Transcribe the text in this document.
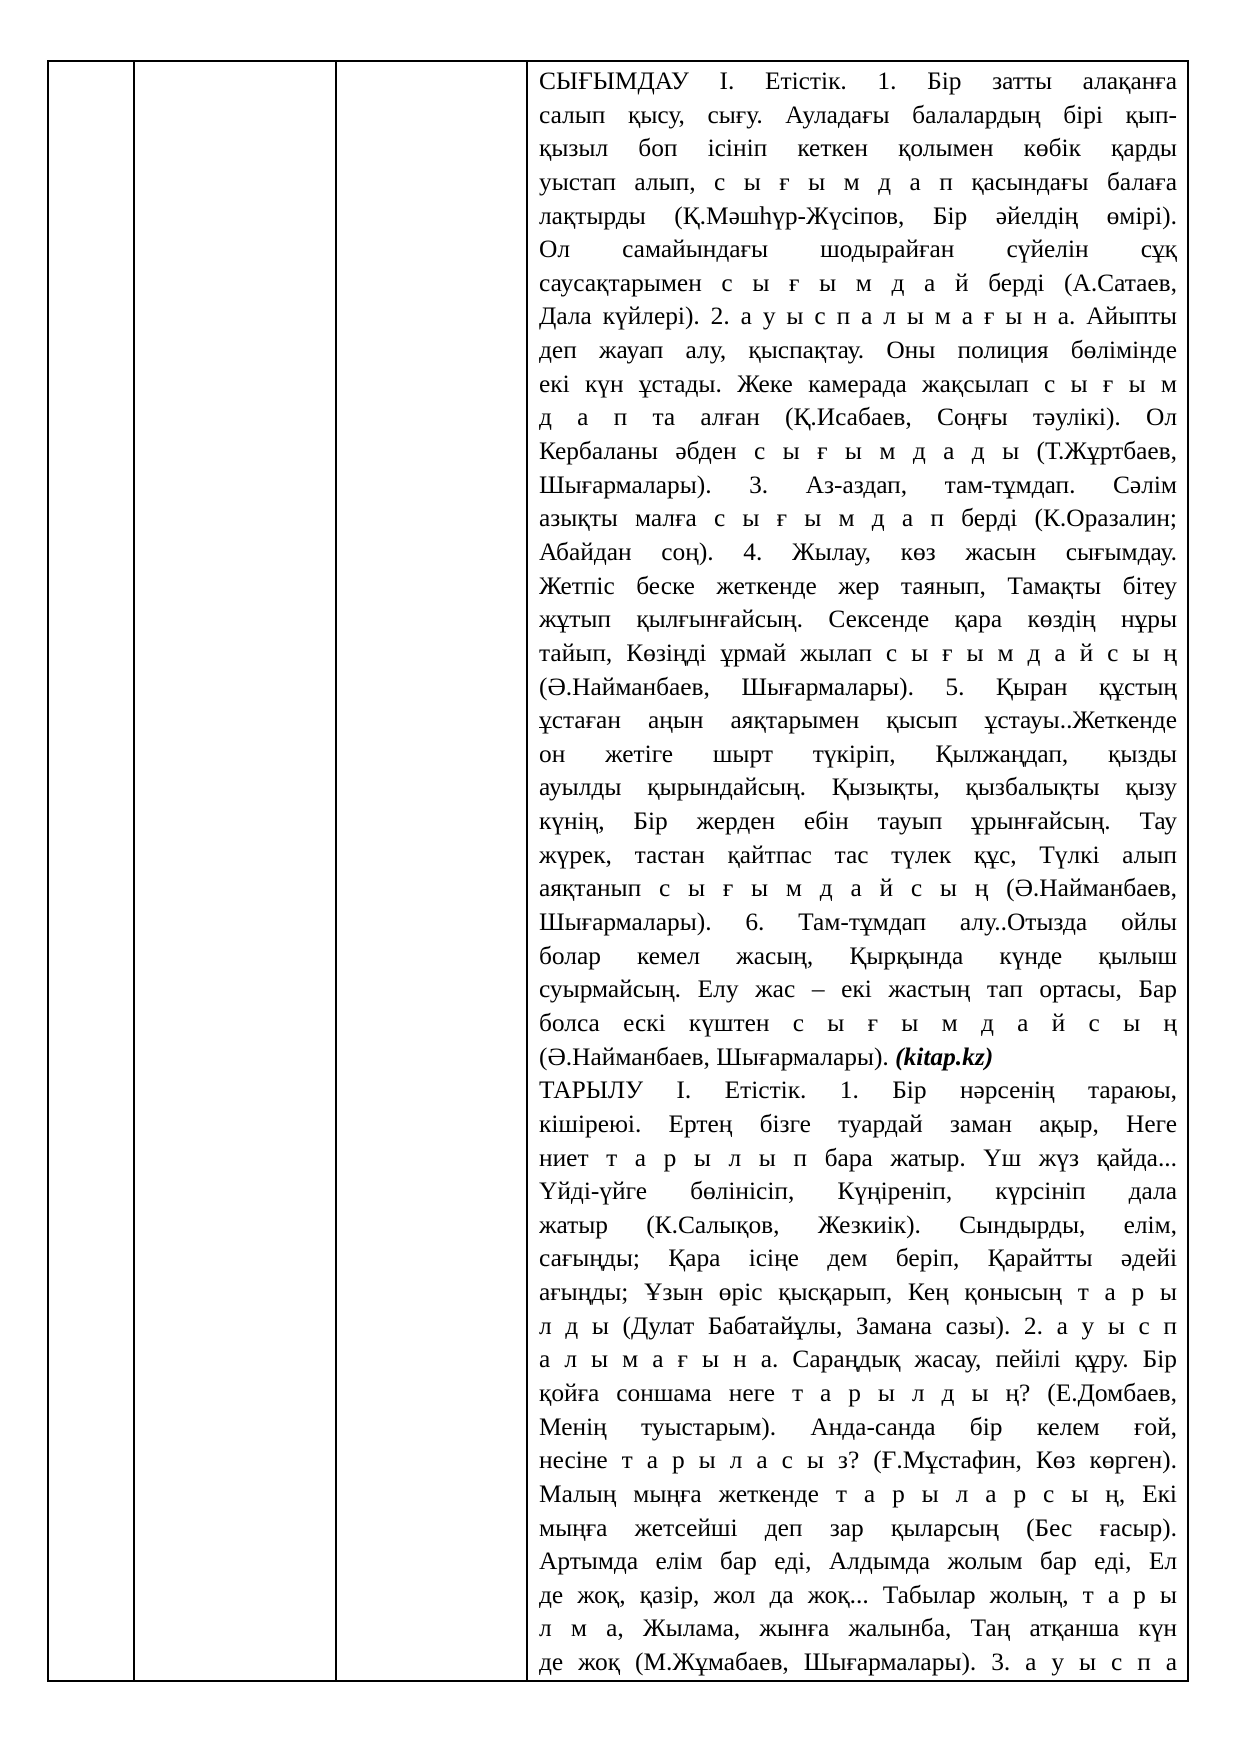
СЫҒЫМДАУ I. Етістік. 1. Бір затты алақанға
салып қысу, сығу. Ауладағы балалардың бірі қып-
қызыл боп ісініп кеткен қолымен көбік қарды
уыстап алып, с ы ғ ы м д а п қасындағы балаға
лақтырды (Қ.Мәшһүр-Жүсіпов, Бір әйелдің өмірі).
Ол самайындағы шодырайған сүйелін сұқ
саусақтарымен с ы ғ ы м д а й берді (А.Сатаев,
Дала күйлері). 2. а у ы с п а л ы м а ғ ы н а. Айыпты
деп жауап алу, қыспақтау. Оны полиция бөлімінде
екі күн ұстады. Жеке камерада жақсылап с ы ғ ы м
д а п та алған (Қ.Исабаев, Соңғы тәулікі). Ол
Кербаланы әбден с ы ғ ы м д а д ы (Т.Жұртбаев,
Шығармалары). 3. Аз-аздап, там-тұмдап. Сәлім
азықты малға с ы ғ ы м д а п берді (К.Оразалин;
Абайдан соң). 4. Жылау, көз жасын сығымдау.
Жетпіс беске жеткенде жер таянып, Тамақты бітеу
жұтып қылғынғайсың. Сексенде қара көздің нұры
тайып, Көзіңді ұрмай жылап с ы ғ ы м д а й с ы ң
(Ә.Найманбаев, Шығармалары). 5. Қыран құстың
ұстаған аңын аяқтарымен қысып ұстауы..Жеткенде
он жетіге шырт түкіріп, Қылжаңдап, қызды
ауылды қырындайсың. Қызықты, қызбалықты қызу
күнің, Бір жерден ебін тауып ұрынғайсың. Тау
жүрек, тастан қайтпас тас түлек құс, Түлкі алып
аяқтанып с ы ғ ы м д а й с ы ң (Ә.Найманбаев,
Шығармалары). 6. Там-тұмдап алу..Отызда ойлы
болар кемел жасың, Қырқында күнде қылыш
суырмайсың. Елу жас – екі жастың тап ортасы, Бар
болса ескі күштен с ы ғ ы м д а й с ы ң
(Ә.Найманбаев, Шығармалары). (kitap.kz)
ТАРЫЛУ I. Етістік. 1. Бір нәрсенің тараюы,
кішіреюі. Ертең бізге туардай заман ақыр, Неге
ниет т а р ы л ы п бара жатыр. Үш жүз қайда...
Үйді-үйге бөлінісіп, Күңіреніп, күрсініп дала
жатыр (К.Салықов, Жезкиік). Сындырды, елім,
сағыңды; Қара ісіңе дем беріп, Қарайтты әдейі
ағыңды; Ұзын өріс қысқарып, Кең қонысың т а р ы
л д ы (Дулат Бабатайұлы, Замана сазы). 2. а у ы с п
а л ы м а ғ ы н а. Сараңдық жасау, пейілі құру. Бір
қойға соншама неге т а р ы л д ы ң? (Е.Домбаев,
Менің туыстарым). Анда-санда бір келем ғой,
несіне т а р ы л а с ы з? (Ғ.Мұстафин, Көз көрген).
Малың мыңға жеткенде т а р ы л а р с ы ң, Екі
мыңға жетсейші деп зар қыларсың (Бес ғасыр).
Артымда елім бар еді, Алдымда жолым бар еді, Ел
де жоқ, қазір, жол да жоқ... Табылар жолың, т а р ы
л м а, Жылама, жынға жалынба, Таң атқанша күн
де жоқ (М.Жұмабаев, Шығармалары). 3. а у ы с п а
